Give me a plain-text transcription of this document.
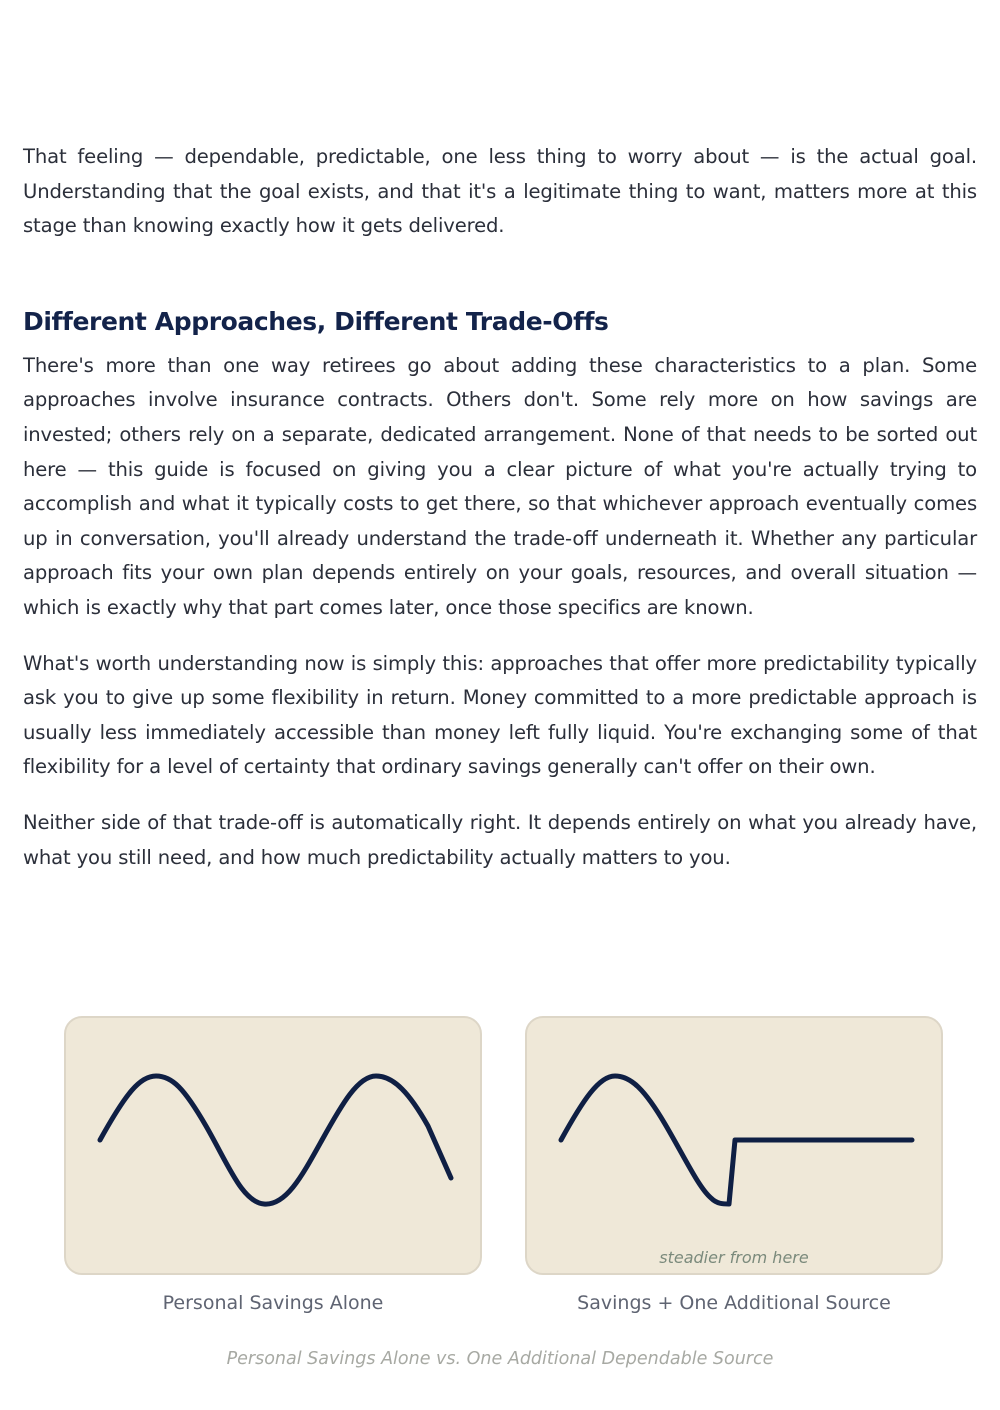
That feeling — dependable, predictable, one less thing to worry about — is the actual goal. Understanding that the goal exists, and that it's a legitimate thing to want, matters more at this stage than knowing exactly how it gets delivered.

Different Approaches, Different Trade-Offs

There's more than one way retirees go about adding these characteristics to a plan. Some approaches involve insurance contracts. Others don't. Some rely more on how savings are invested; others rely on a separate, dedicated arrangement. None of that needs to be sorted out here — this guide is focused on giving you a clear picture of what you're actually trying to accomplish and what it typically costs to get there, so that whichever approach eventually comes up in conversation, you'll already understand the trade-off underneath it. Whether any particular approach fits your own plan depends entirely on your goals, resources, and overall situation — which is exactly why that part comes later, once those specifics are known.

What's worth understanding now is simply this: approaches that offer more predictability typically ask you to give up some flexibility in return. Money committed to a more predictable approach is usually less immediately accessible than money left fully liquid. You're exchanging some of that flexibility for a level of certainty that ordinary savings generally can't offer on their own.

Neither side of that trade-off is automatically right. It depends entirely on what you already have, what you still need, and how much predictability actually matters to you.

steadier from here
Personal Savings Alone	Savings + One Additional Source
Personal Savings Alone vs. One Additional Dependable Source
